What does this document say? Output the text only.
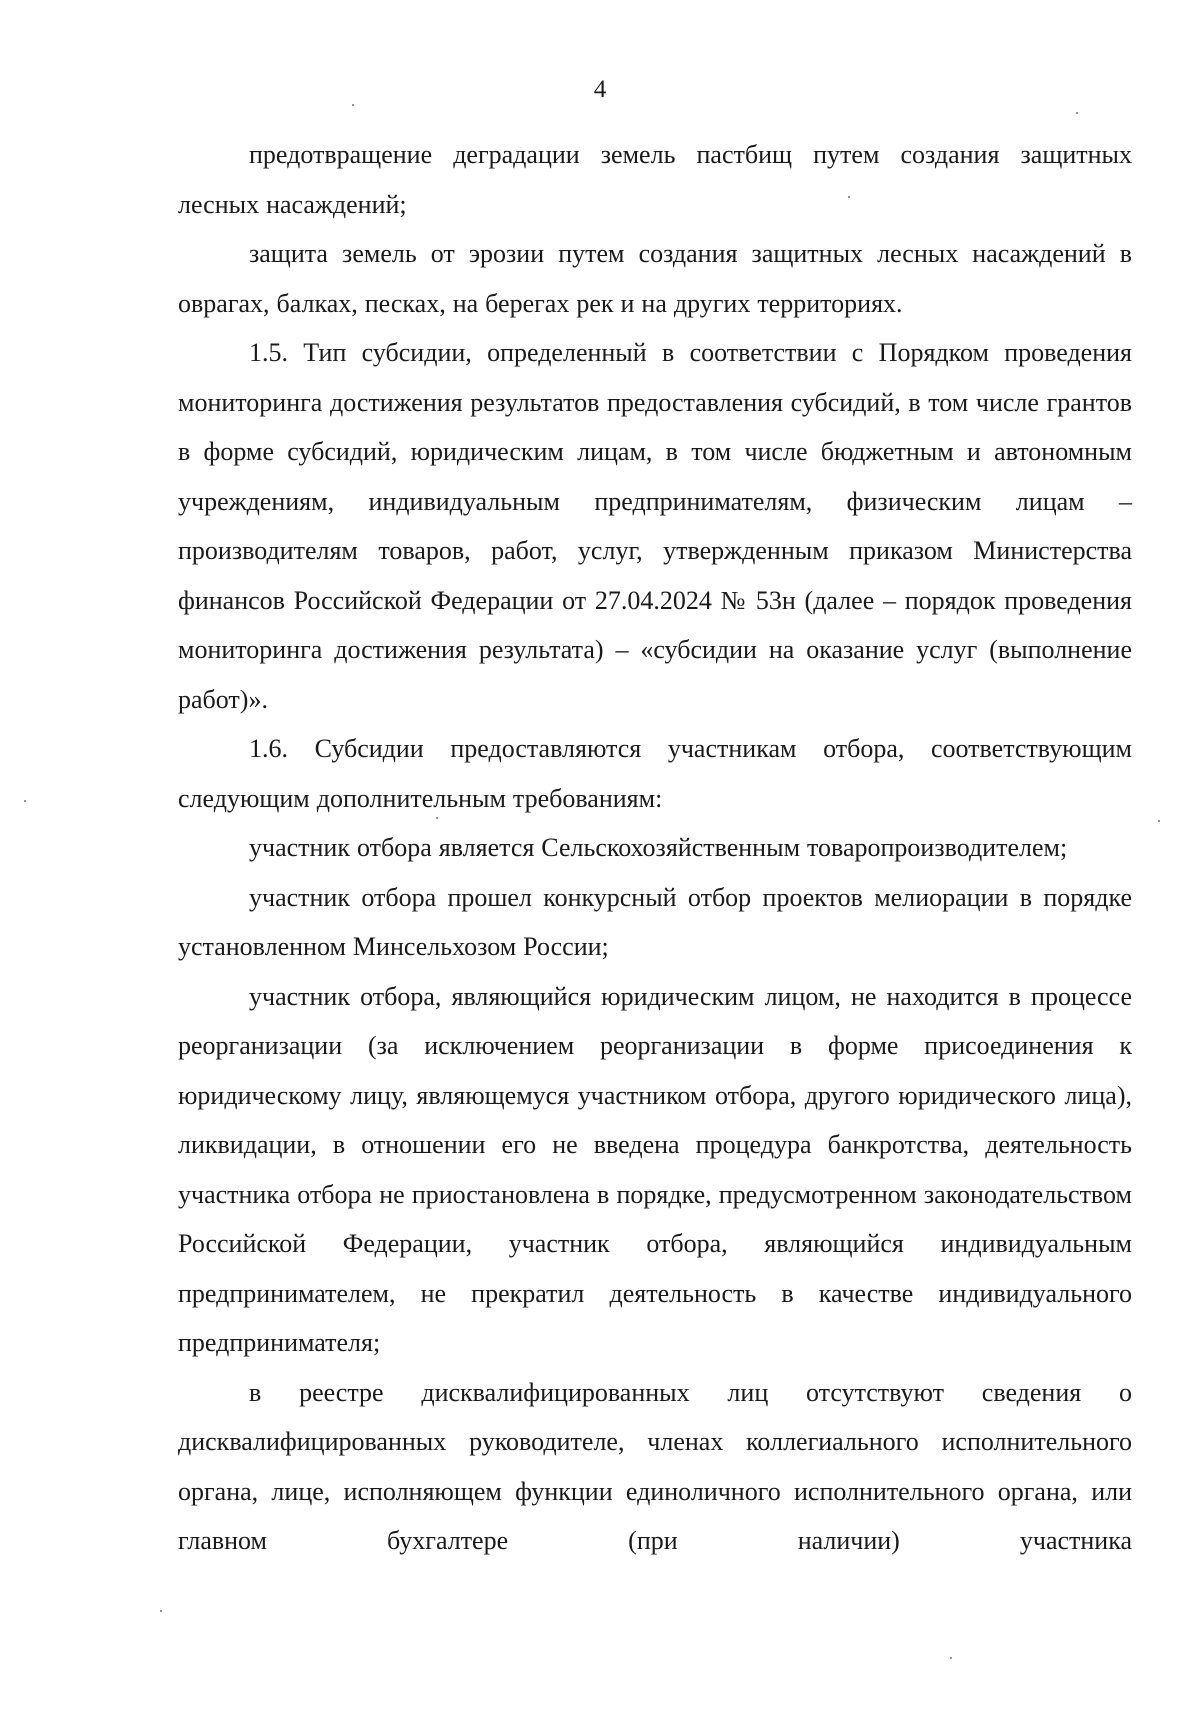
4

предотвращение деградации земель пастбищ путем создания защитных лесных насаждений;

защита земель от эрозии путем создания защитных лесных насаждений в оврагах, балках, песках, на берегах рек и на других территориях.

1.5. Тип субсидии, определенный в соответствии с Порядком проведения мониторинга достижения результатов предоставления субсидий, в том числе грантов в форме субсидий, юридическим лицам, в том числе бюджетным и автономным учреждениям, индивидуальным предпринимателям, физическим лицам – производителям товаров, работ, услуг, утвержденным приказом Министерства финансов Российской Федерации от 27.04.2024 № 53н (далее – порядок проведения мониторинга достижения результата) – «субсидии на оказание услуг (выполнение работ)».

1.6. Субсидии предоставляются участникам отбора, соответствующим следующим дополнительным требованиям:

участник отбора является Сельскохозяйственным товаропроизводителем;

участник отбора прошел конкурсный отбор проектов мелиорации в порядке установленном Минсельхозом России;

участник отбора, являющийся юридическим лицом, не находится в процессе реорганизации (за исключением реорганизации в форме присоединения к юридическому лицу, являющемуся участником отбора, другого юридического лица), ликвидации, в отношении его не введена процедура банкротства, деятельность участника отбора не приостановлена в порядке, предусмотренном законодательством Российской Федерации, участник отбора, являющийся индивидуальным предпринимателем, не прекратил деятельность в качестве индивидуального предпринимателя;

в реестре дисквалифицированных лиц отсутствуют сведения о дисквалифицированных руководителе, членах коллегиального исполнительного органа, лице, исполняющем функции единоличного исполнительного органа, или главном бухгалтере (при наличии) участника
